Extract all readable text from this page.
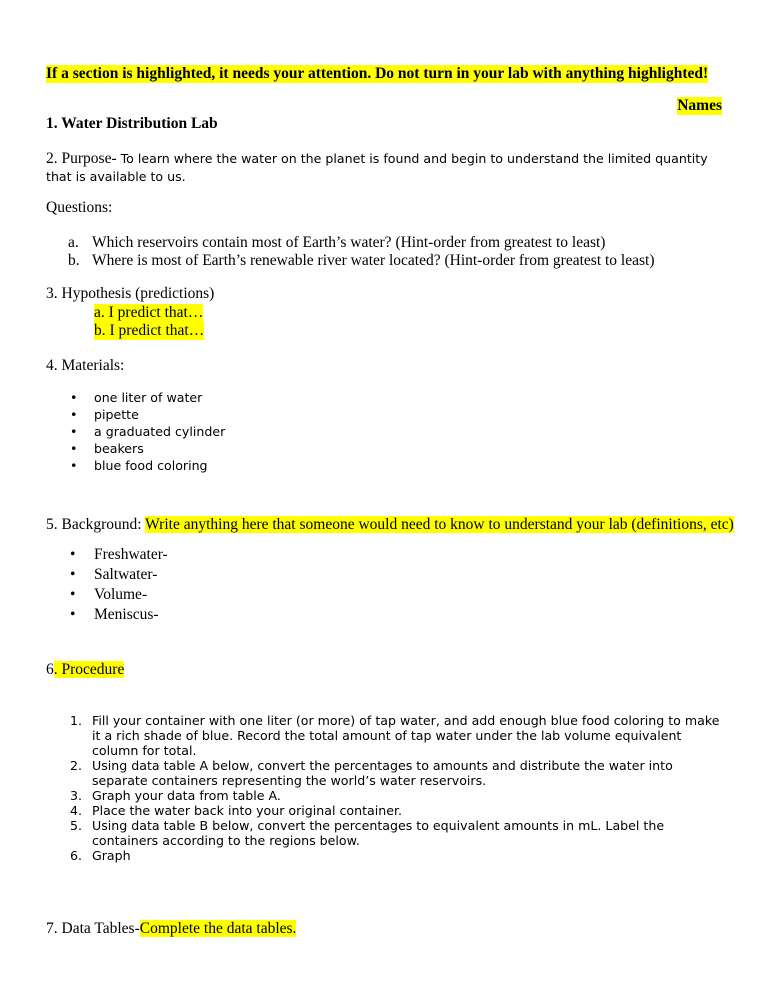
If a section is highlighted, it needs your attention. Do not turn in your lab with anything highlighted!
Names
1. Water Distribution Lab
2. Purpose- To learn where the water on the planet is found and begin to understand the limited quantity
that is available to us.
Questions:
a. Which reservoirs contain most of Earth’s water? (Hint-order from greatest to least)
b. Where is most of Earth’s renewable river water located? (Hint-order from greatest to least)
3. Hypothesis (predictions)
a. I predict that…
b. I predict that…
4. Materials:
• one liter of water
• pipette
• a graduated cylinder
• beakers
• blue food coloring
5. Background: Write anything here that someone would need to know to understand your lab (definitions, etc)
• Freshwater-
• Saltwater-
• Volume-
• Meniscus-
6. Procedure
1. Fill your container with one liter (or more) of tap water, and add enough blue food coloring to make
it a rich shade of blue. Record the total amount of tap water under the lab volume equivalent
column for total.
2. Using data table A below, convert the percentages to amounts and distribute the water into
separate containers representing the world’s water reservoirs.
3. Graph your data from table A.
4. Place the water back into your original container.
5. Using data table B below, convert the percentages to equivalent amounts in mL. Label the
containers according to the regions below.
6. Graph
7. Data Tables-Complete the data tables.
